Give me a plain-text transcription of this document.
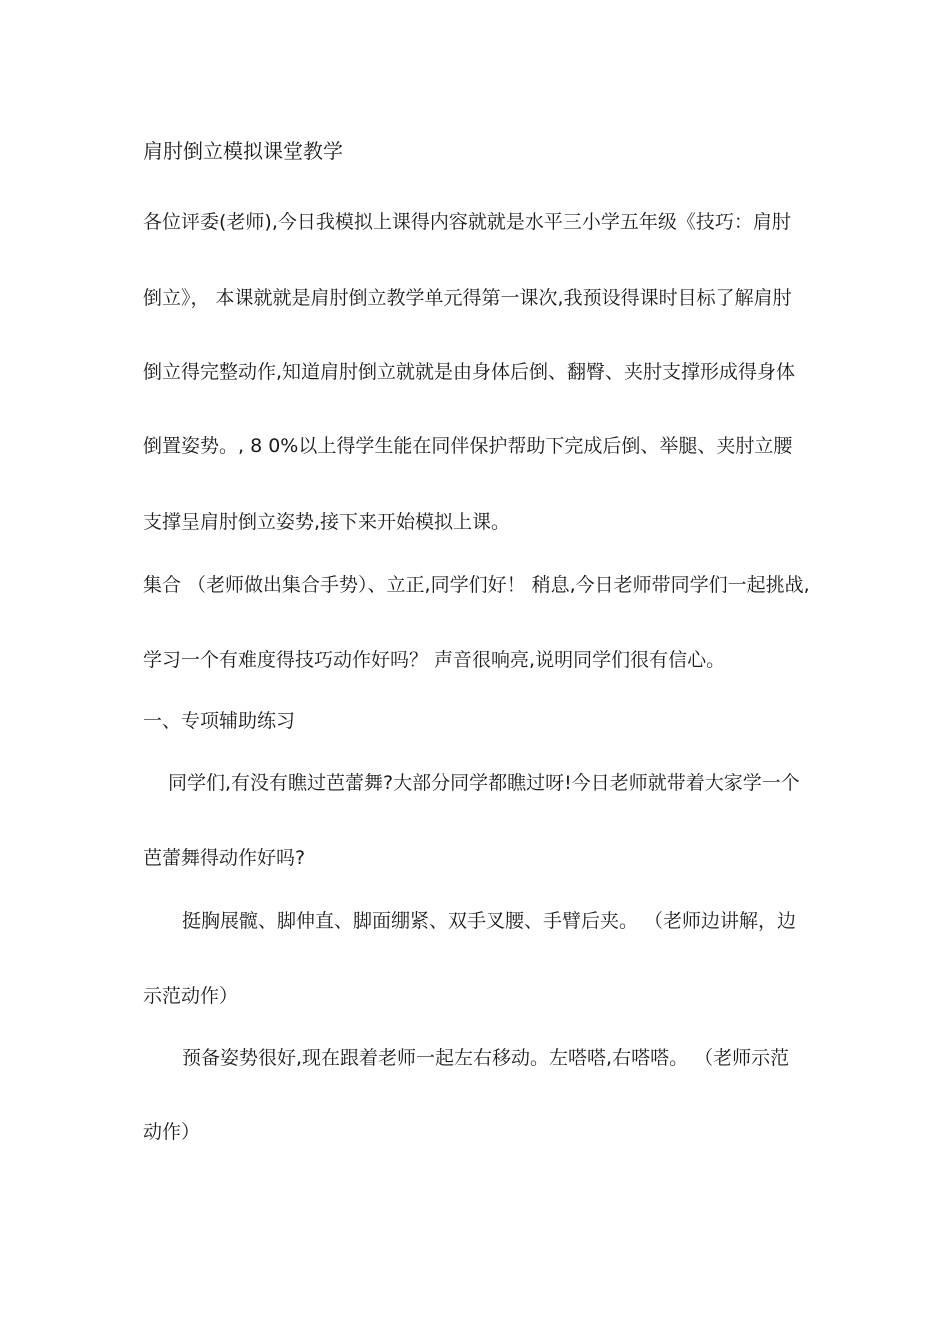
肩肘倒立模拟课堂教学
各位评委(老师),今日我模拟上课得内容就就是水平三小学五年级《技巧：肩肘
倒立》， 本课就就是肩肘倒立教学单元得第一课次,我预设得课时目标了解肩肘
倒立得完整动作,知道肩肘倒立就就是由身体后倒、翻臀、夹肘支撑形成得身体
倒置姿势。, 8 0%以上得学生能在同伴保护帮助下完成后倒、举腿、夹肘立腰
支撑呈肩肘倒立姿势,接下来开始模拟上课。
集合 （老师做出集合手势）、立正,同学们好！ 稍息,今日老师带同学们一起挑战,
学习一个有难度得技巧动作好吗？ 声音很响亮,说明同学们很有信心。
一、专项辅助练习
同学们,有没有瞧过芭蕾舞?大部分同学都瞧过呀!今日老师就带着大家学一个
芭蕾舞得动作好吗?
挺胸展髋、脚伸直、脚面绷紧、双手叉腰、手臂后夹。 （老师边讲解，边
示范动作）
预备姿势很好,现在跟着老师一起左右移动。左嗒嗒,右嗒嗒。 （老师示范
动作）
